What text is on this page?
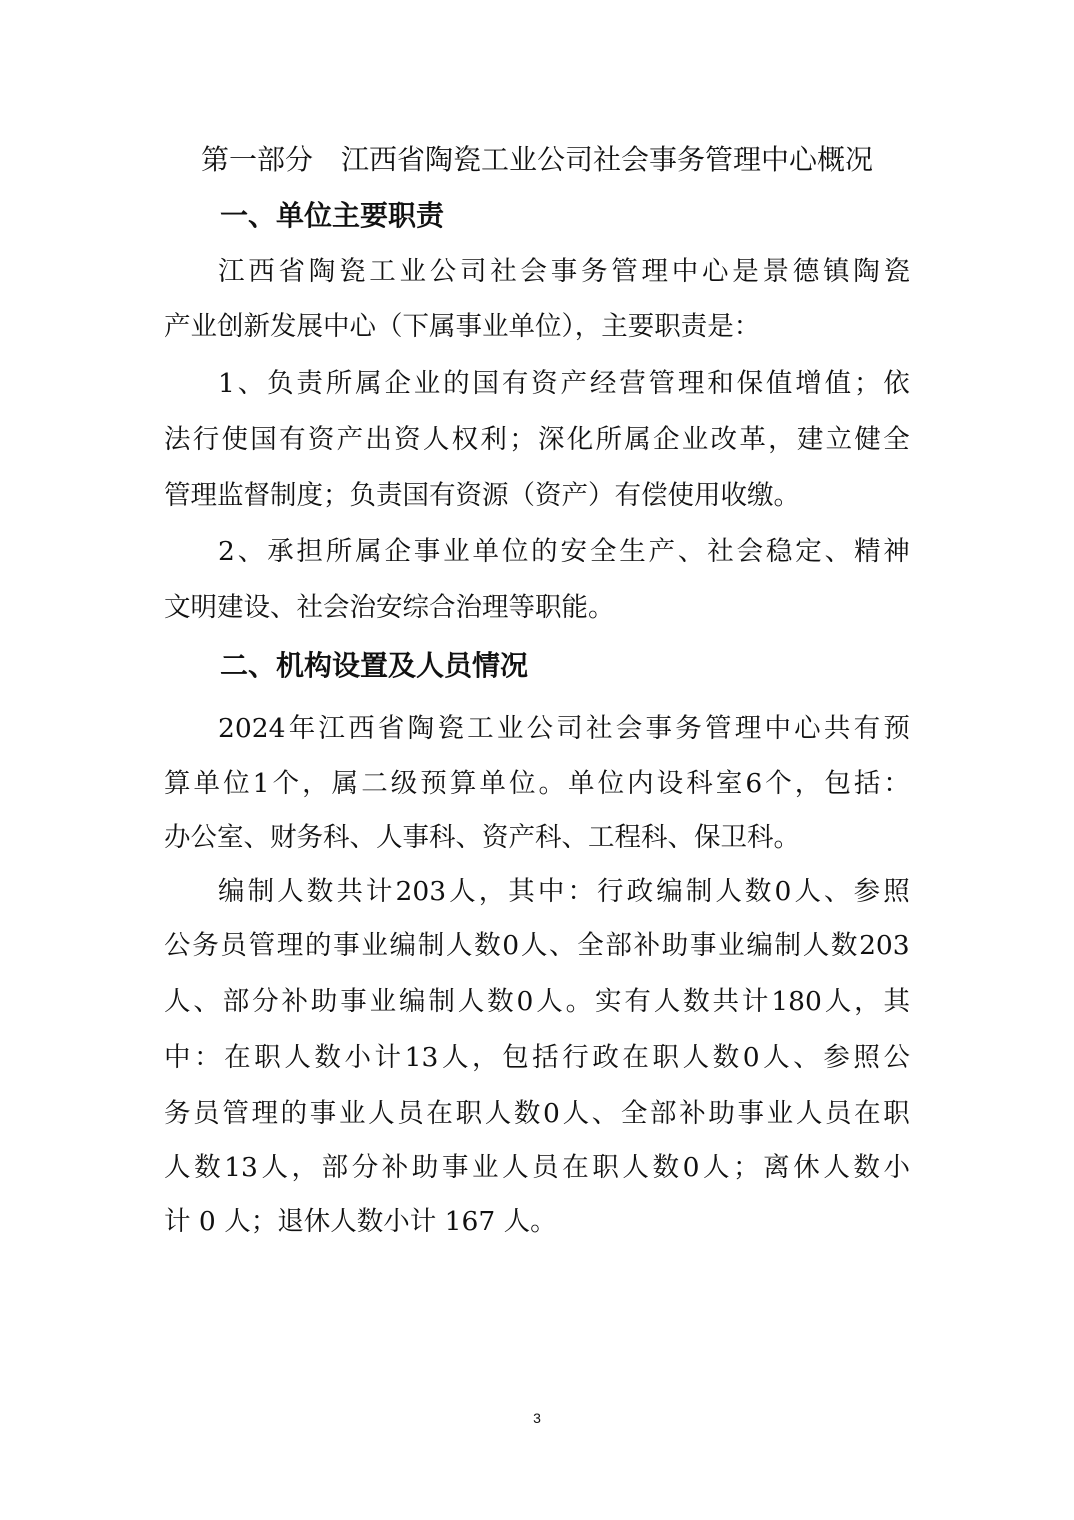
第一部分　江西省陶瓷工业公司社会事务管理中心概况
一、单位主要职责

江 西 省 陶 瓷 工 业 公 司 社 会 事 务 管 理 中 心 是 景 德 镇 陶 瓷

产业创新发展中心（下属事业单位），主要职责是：

1 、 负 责 所 属 企 业 的 国 有 资 产 经 营 管 理 和 保 值 增 值 ； 依

法 行 使 国 有 资 产 出 资 人 权 利 ； 深 化 所 属 企 业 改 革 ， 建 立 健 全

管理监督制度；负责国有资源（资产）有偿使用收缴。

2 、 承 担 所 属 企 事 业 单 位 的 安 全 生 产 、 社 会 稳 定 、 精 神

文明建设、社会治安综合治理等职能。

二、机构设置及人员情况

2024 年 江 西 省 陶 瓷 工 业 公 司 社 会 事 务 管 理 中 心 共 有 预

算 单 位 1 个 ， 属 二 级 预 算 单 位 。 单 位 内 设 科 室 6 个 ， 包 括 ：

办公室、财务科、人事科、资产科、工程科、保卫科。

编 制 人 数 共 计 203 人 ， 其 中 ： 行 政 编 制 人 数 0 人 、 参 照

公 务 员 管 理 的 事 业 编 制 人 数 0 人 、 全 部 补 助 事 业 编 制 人 数 203

人 、 部 分 补 助 事 业 编 制 人 数 0 人 。 实 有 人 数 共 计 180 人 ， 其

中 ： 在 职 人 数 小 计 13 人 ， 包 括 行 政 在 职 人 数 0 人 、 参 照 公

务 员 管 理 的 事 业 人 员 在 职 人 数 0 人 、 全 部 补 助 事 业 人 员 在 职

人 数 13 人 ， 部 分 补 助 事 业 人 员 在 职 人 数 0 人 ； 离 休 人 数 小

计 0 人；退休人数小计 167 人。

3
